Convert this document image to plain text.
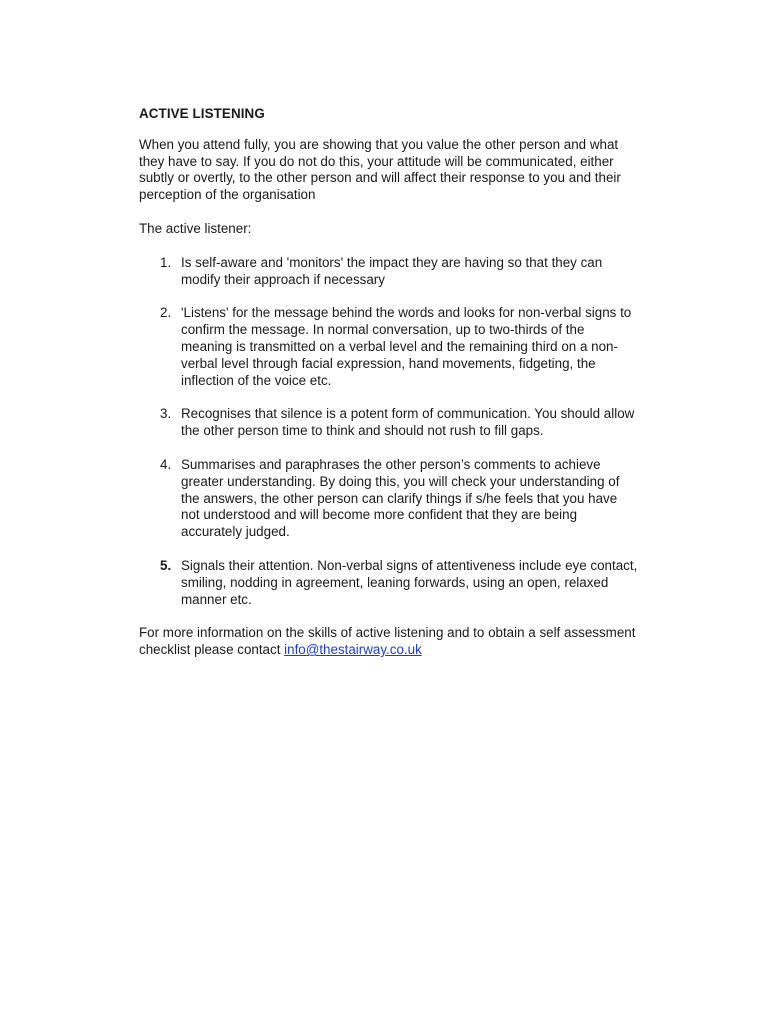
ACTIVE LISTENING

When you attend fully, you are showing that you value the other person and what they have to say. If you do not do this, your attitude will be communicated, either subtly or overtly, to the other person and will affect their response to you and their perception of the organisation

The active listener:

1. Is self-aware and 'monitors' the impact they are having so that they can modify their approach if necessary
2. 'Listens' for the message behind the words and looks for non-verbal signs to confirm the message. In normal conversation, up to two-thirds of the meaning is transmitted on a verbal level and the remaining third on a non-verbal level through facial expression, hand movements, fidgeting, the inflection of the voice etc.
3. Recognises that silence is a potent form of communication. You should allow the other person time to think and should not rush to fill gaps.
4. Summarises and paraphrases the other person’s comments to achieve greater understanding. By doing this, you will check your understanding of the answers, the other person can clarify things if s/he feels that you have not understood and will become more confident that they are being accurately judged.
5. Signals their attention. Non-verbal signs of attentiveness include eye contact, smiling, nodding in agreement, leaning forwards, using an open, relaxed manner etc.

For more information on the skills of active listening and to obtain a self assessment checklist please contact info@thestairway.co.uk
